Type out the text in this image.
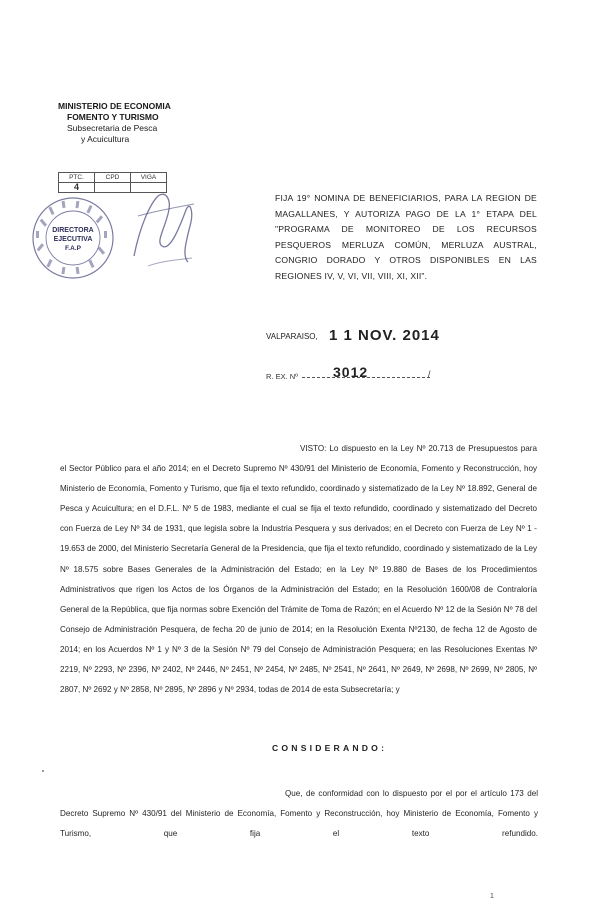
MINISTERIO DE ECONOMIA
FOMENTO Y TURISMO
Subsecretaria de Pesca
y Acuicultura
PTC.	CPD	VIGA
4		
DIRECTORA
EJECUTIVA
F.A.P
FIJA 19° NOMINA DE BENEFICIARIOS, PARA LA REGION DE MAGALLANES, Y AUTORIZA PAGO DE LA 1° ETAPA DEL "PROGRAMA DE MONITOREO DE LOS RECURSOS PESQUEROS MERLUZA COMÚN, MERLUZA AUSTRAL, CONGRIO DORADO Y OTROS DISPONIBLES EN LAS REGIONES IV, V, VI, VII, VIII, XI, XII".
VALPARAISO, 1 1 NOV. 2014
R. EX. Nº	3012	/
VISTO: Lo dispuesto en la Ley Nº 20.713 de Presupuestos para el Sector Público para el año 2014; en el Decreto Supremo Nº 430/91 del Ministerio de Economía, Fomento y Reconstrucción, hoy Ministerio de Economía, Fomento y Turismo, que fija el texto refundido, coordinado y sistematizado de la Ley Nº 18.892, General de Pesca y Acuicultura; en el D.F.L. Nº 5 de 1983, mediante el cual se fija el texto refundido, coordinado y sistematizado del Decreto con Fuerza de Ley Nº 34 de 1931, que legisla sobre la Industria Pesquera y sus derivados; en el Decreto con Fuerza de Ley Nº 1 - 19.653 de 2000, del Ministerio Secretaría General de la Presidencia, que fija el texto refundido, coordinado y sistematizado de la Ley Nº 18.575 sobre Bases Generales de la Administración del Estado; en la Ley Nº 19.880 de Bases de los Procedimientos Administrativos que rigen los Actos de los Órganos de la Administración del Estado; en la Resolución 1600/08 de Contraloría General de la República, que fija normas sobre Exención del Trámite de Toma de Razón; en el Acuerdo Nº 12 de la Sesión Nº 78 del Consejo de Administración Pesquera, de fecha 20 de junio de 2014; en la Resolución Exenta Nº2130, de fecha 12 de Agosto de 2014; en los Acuerdos Nº 1 y Nº 3 de la Sesión Nº 79 del Consejo de Administración Pesquera; en las Resoluciones Exentas Nº 2219, Nº 2293, Nº 2396, Nº 2402, Nº 2446, Nº 2451, Nº 2454, Nº 2485, Nº 2541, Nº 2641, Nº 2649, Nº 2698, Nº 2699, Nº 2805, Nº 2807, Nº 2692 y Nº 2858, Nº 2895, Nº 2896 y Nº 2934, todas de 2014 de esta Subsecretaría; y
CONSIDERANDO:
Que, de conformidad con lo dispuesto por el por el artículo 173 del Decreto Supremo Nº 430/91 del Ministerio de Economía, Fomento y Reconstrucción, hoy Ministerio de Economía, Fomento y Turismo, que fija el texto refundido.
1
